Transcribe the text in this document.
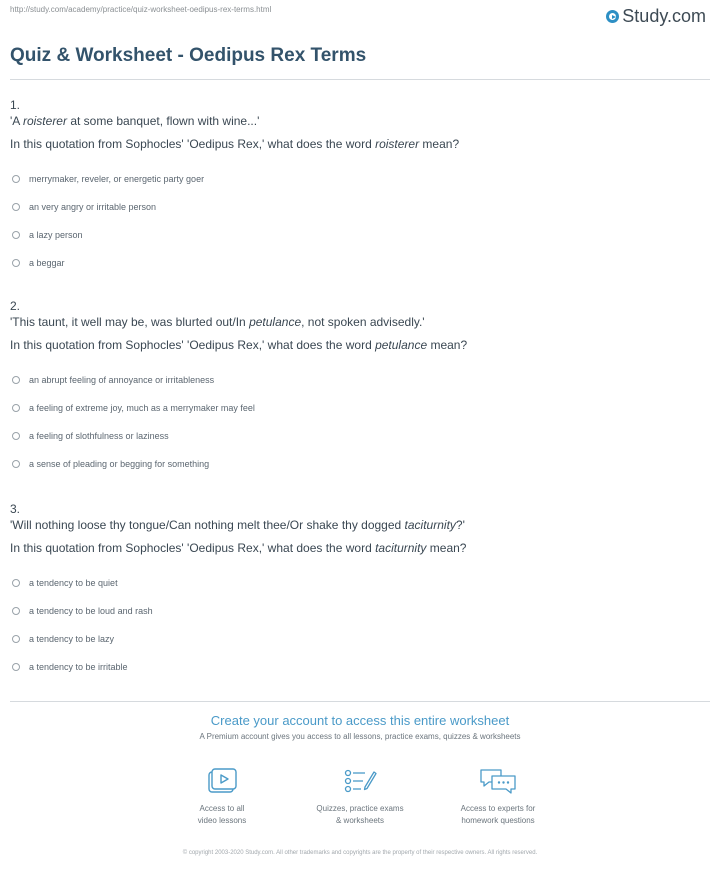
http://study.com/academy/practice/quiz-worksheet-oedipus-rex-terms.html	Study.com
Quiz & Worksheet - Oedipus Rex Terms
1.
'A roisterer at some banquet, flown with wine...'
In this quotation from Sophocles' 'Oedipus Rex,' what does the word roisterer mean?
merrymaker, reveler, or energetic party goer
an very angry or irritable person
a lazy person
a beggar
2.
'This taunt, it well may be, was blurted out/In petulance, not spoken advisedly.'
In this quotation from Sophocles' 'Oedipus Rex,' what does the word petulance mean?
an abrupt feeling of annoyance or irritableness
a feeling of extreme joy, much as a merrymaker may feel
a feeling of slothfulness or laziness
a sense of pleading or begging for something
3.
'Will nothing loose thy tongue/Can nothing melt thee/Or shake thy dogged taciturnity?'
In this quotation from Sophocles' 'Oedipus Rex,' what does the word taciturnity mean?
a tendency to be quiet
a tendency to be loud and rash
a tendency to be lazy
a tendency to be irritable
Create your account to access this entire worksheet
A Premium account gives you access to all lessons, practice exams, quizzes & worksheets
Access to all
video lessons
Quizzes, practice exams
& worksheets
Access to experts for
homework questions
© copyright 2003-2020 Study.com. All other trademarks and copyrights are the property of their respective owners. All rights reserved.
